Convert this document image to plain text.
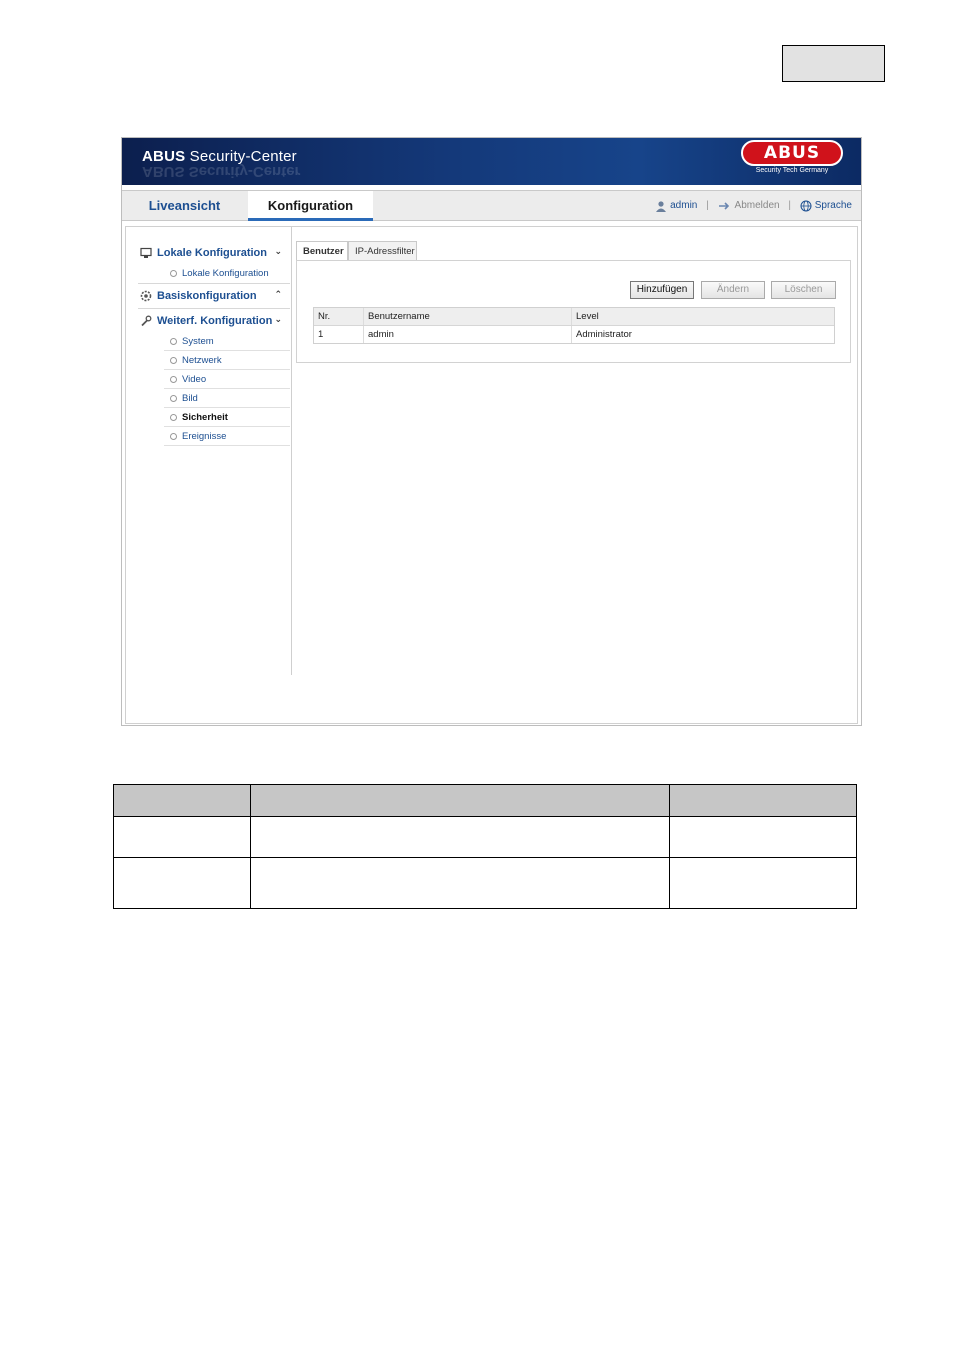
ABUS Security-Center
ABUS Security-Center
ABUS
Security Tech Germany
Liveansicht	Konfiguration	admin |	Abmelden | Sprache
Lokale Konfiguration ⌄
Lokale Konfiguration
Basiskonfiguration ⌃
Weiterf. Konfiguration ⌄
System
Netzwerk
Video
Bild
Sicherheit
Ereignisse
Benutzer	IP-Adressfilter
Hinzufügen	Ändern	Löschen
Nr.	Benutzername	Level
1	admin	Administrator
